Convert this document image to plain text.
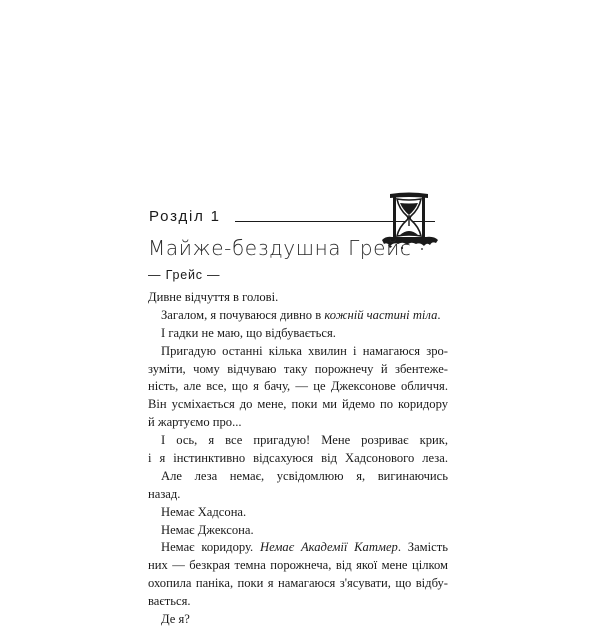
Розділ 1
Майже-бездушна Грейс
— Грейс —
Дивне відчуття в голові.
Загалом, я почуваюся дивно в кожній частині тіла.
І гадки не маю, що відбувається.
Пригадую останні кілька хвилин і намагаюся зро-
зуміти, чому відчуваю таку порожнечу й збентеже-
ність, але все, що я бачу, — це Джексонове обличчя.
Він усміхається до мене, поки ми йдемо по коридору
й жартуємо про...
І ось, я все пригадую! Мене розриває крик,
і я інстинктивно відсахуюся від Хадсонового леза.
Але леза немає, усвідомлюю я, вигинаючись
назад.
Немає Хадсона.
Немає Джексона.
Немає коридору. Немає Академії Катмер. Замість
них — безкрая темна порожнеча, від якої мене цілком
охопила паніка, поки я намагаюся з'ясувати, що відбу-
вається.
Де я?
